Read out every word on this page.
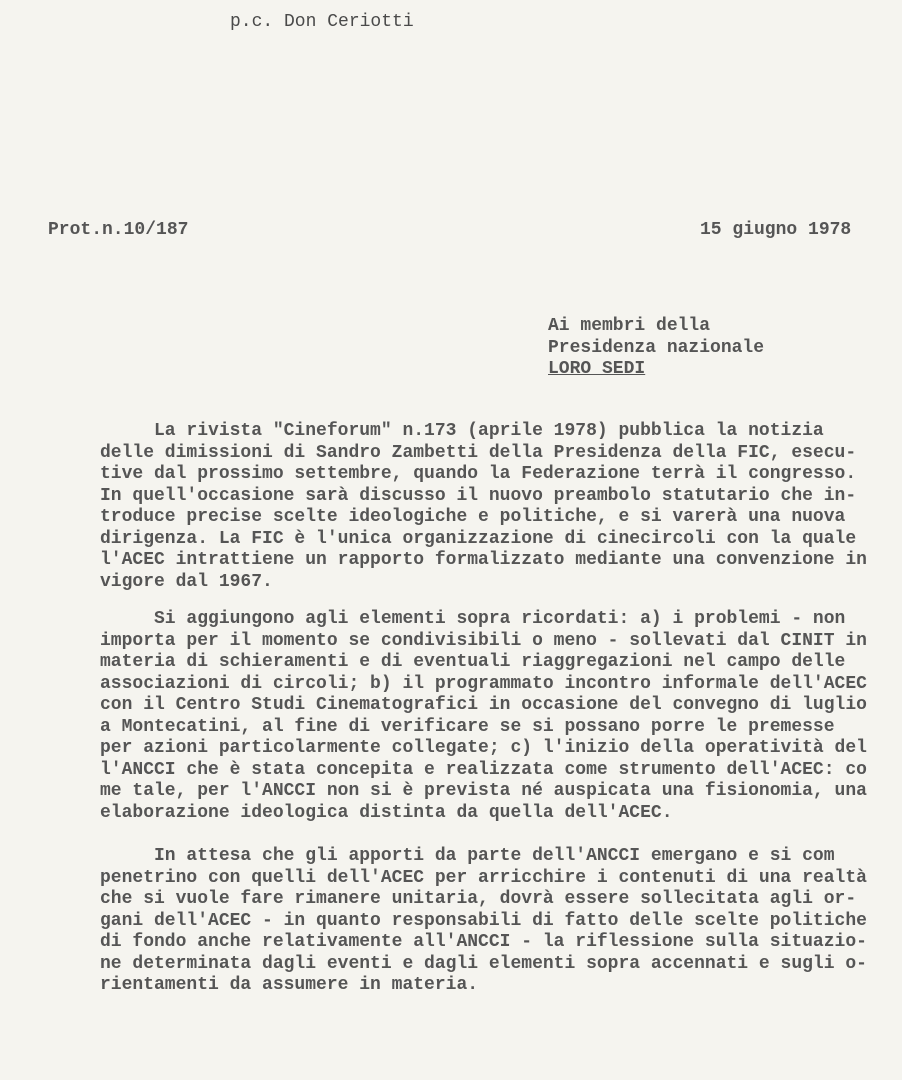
p.c. Don Ceriotti
Prot.n.10/187	15 giugno 1978
Ai membri della
Presidenza nazionale
LORO SEDI
La rivista "Cineforum" n.173 (aprile 1978) pubblica la notizia
delle dimissioni di Sandro Zambetti della Presidenza della FIC, esecu-
tive dal prossimo settembre, quando la Federazione terrà il congresso.
In quell'occasione sarà discusso il nuovo preambolo statutario che in-
troduce precise scelte ideologiche e politiche, e si varerà una nuova
dirigenza. La FIC è l'unica organizzazione di cinecircoli con la quale
l'ACEC intrattiene un rapporto formalizzato mediante una convenzione in
vigore dal 1967.
Si aggiungono agli elementi sopra ricordati: a) i problemi - non
importa per il momento se condivisibili o meno - sollevati dal CINIT in
materia di schieramenti e di eventuali riaggregazioni nel campo delle
associazioni di circoli; b) il programmato incontro informale dell'ACEC
con il Centro Studi Cinematografici in occasione del convegno di luglio
a Montecatini, al fine di verificare se si possano porre le premesse
per azioni particolarmente collegate; c) l'inizio della operatività del
l'ANCCI che è stata concepita e realizzata come strumento dell'ACEC: co
me tale, per l'ANCCI non si è prevista né auspicata una fisionomia, una
elaborazione ideologica distinta da quella dell'ACEC.
In attesa che gli apporti da parte dell'ANCCI emergano e si com
penetrino con quelli dell'ACEC per arricchire i contenuti di una realtà
che si vuole fare rimanere unitaria, dovrà essere sollecitata agli or-
gani dell'ACEC - in quanto responsabili di fatto delle scelte politiche
di fondo anche relativamente all'ANCCI - la riflessione sulla situazio-
ne determinata dagli eventi e dagli elementi sopra accennati e sugli o-
rientamenti da assumere in materia.
